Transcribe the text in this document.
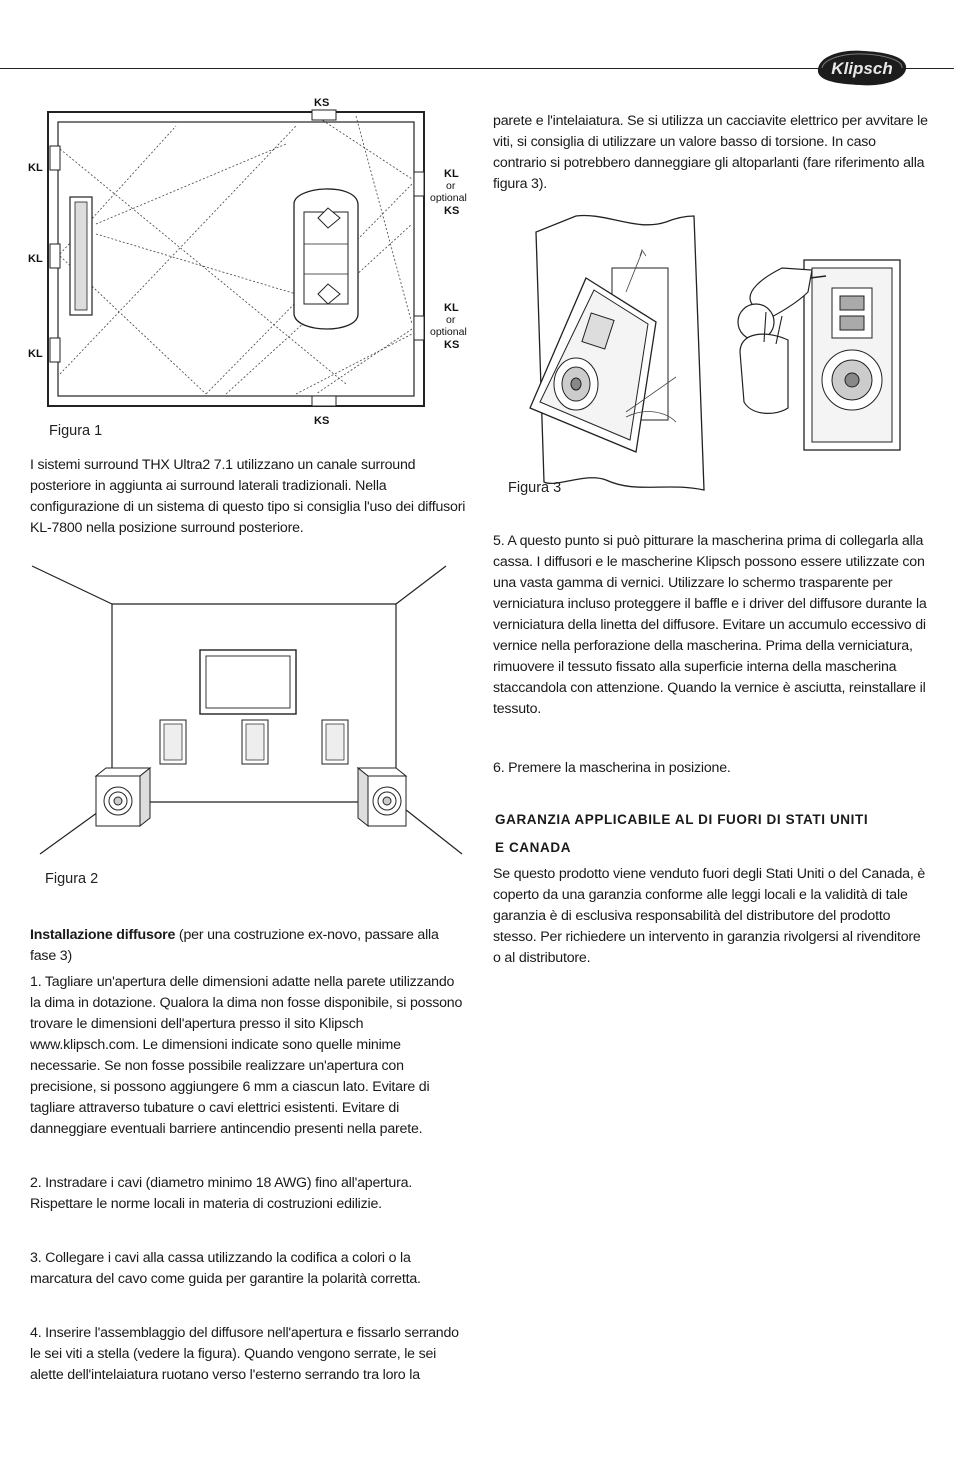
Klipsch
KS
KS
KL
KL
KL
KL
KS
KL
KS
or
optional
or
optional
Figura 1

I sistemi surround THX Ultra2 7.1 utilizzano un canale surround posteriore in aggiunta ai surround laterali tradizionali. Nella configurazione di un sistema di questo tipo si consiglia l'uso dei diffusori KL-7800 nella posizione surround posteriore.

Figura 2

Installazione diffusore (per una costruzione ex-novo, passare alla fase 3)

1. Tagliare un'apertura delle dimensioni adatte nella parete utilizzando la dima in dotazione. Qualora la dima non fosse disponibile, si possono trovare le dimensioni dell'apertura presso il sito Klipsch www.klipsch.com. Le dimensioni indicate sono quelle minime necessarie. Se non fosse possibile realizzare un'apertura con precisione, si possono aggiungere 6 mm a ciascun lato. Evitare di tagliare attraverso tubature o cavi elettrici esistenti. Evitare di danneggiare eventuali barriere antincendio presenti nella parete.

2. Instradare i cavi (diametro minimo 18 AWG) fino all'apertura. Rispettare le norme locali in materia di costruzioni edilizie.

3. Collegare i cavi alla cassa utilizzando la codifica a colori o la marcatura del cavo come guida per garantire la polarità corretta.

4. Inserire l'assemblaggio del diffusore nell'apertura e fissarlo serrando le sei viti a stella (vedere la figura). Quando vengono serrate, le sei alette dell'intelaiatura ruotano verso l'esterno serrando tra loro la

parete e l'intelaiatura. Se si utilizza un cacciavite elettrico per avvitare le viti, si consiglia di utilizzare un valore basso di torsione. In caso contrario si potrebbero danneggiare gli altoparlanti (fare riferimento alla figura 3).

Figura 3

5. A questo punto si può pitturare la mascherina prima di collegarla alla cassa. I diffusori e le mascherine Klipsch possono essere utilizzate con una vasta gamma di vernici. Utilizzare lo schermo trasparente per verniciatura incluso proteggere il baffle e i driver del diffusore durante la verniciatura della linetta del diffusore. Evitare un accumulo eccessivo di vernice nella perforazione della mascherina. Prima della verniciatura, rimuovere il tessuto fissato alla superficie interna della mascherina staccandola con attenzione. Quando la vernice è asciutta, reinstallare il tessuto.

6. Premere la mascherina in posizione.

GARANZIA APPLICABILE AL DI FUORI DI STATI UNITI

E CANADA

Se questo prodotto viene venduto fuori degli Stati Uniti o del Canada, è coperto da una garanzia conforme alle leggi locali e la validità di tale garanzia è di esclusiva responsabilità del distributore del prodotto stesso. Per richiedere un intervento in garanzia rivolgersi al rivenditore o al distributore.
